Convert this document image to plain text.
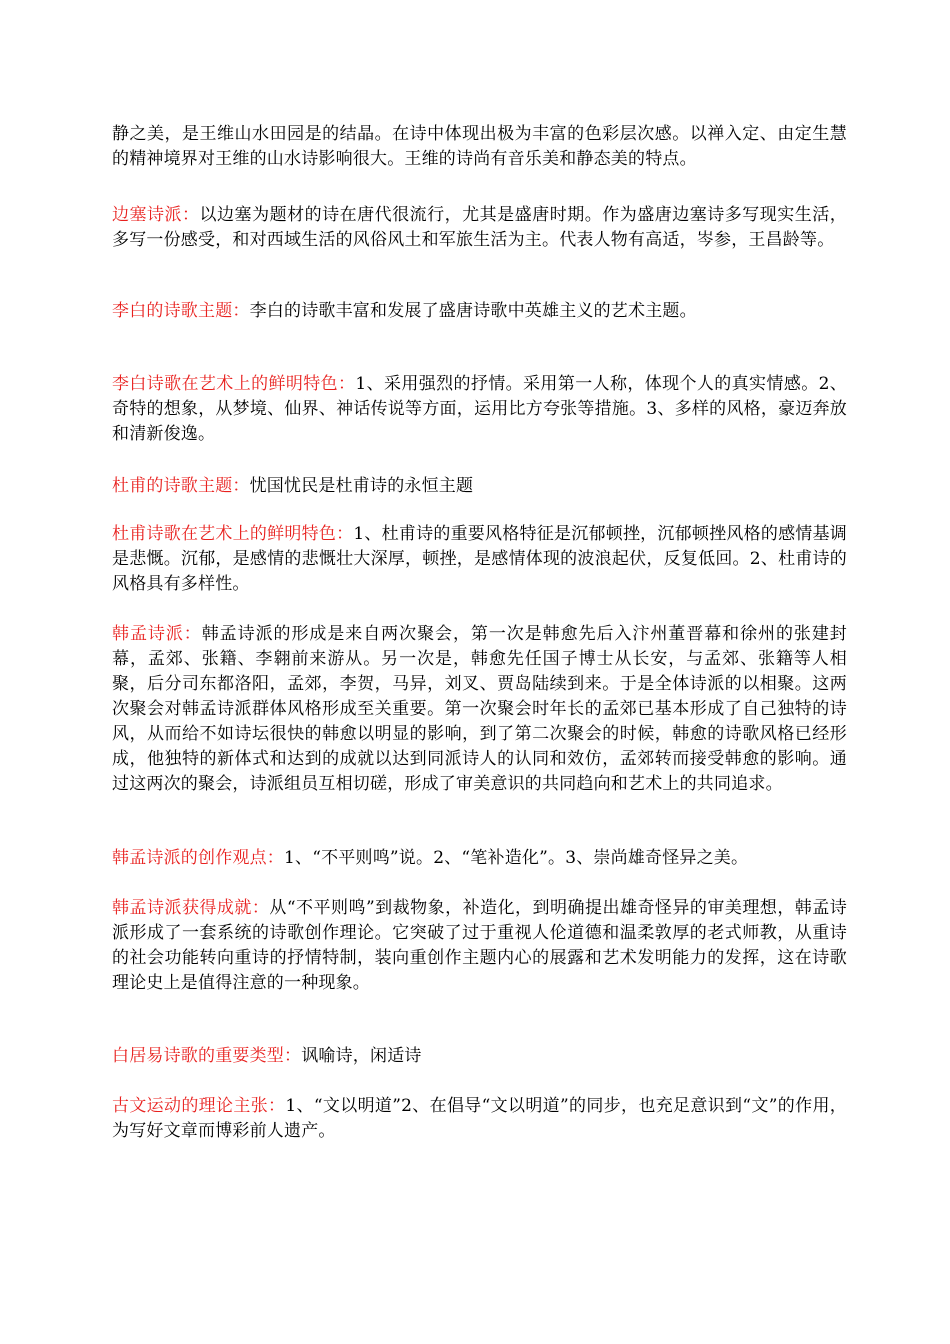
静之美，是王维山水田园是的结晶。在诗中体现出极为丰富的色彩层次感。以禅入定、由定生慧的精神境界对王维的山水诗影响很大。王维的诗尚有音乐美和静态美的特点。

边塞诗派：以边塞为题材的诗在唐代很流行，尤其是盛唐时期。作为盛唐边塞诗多写现实生活，多写一份感受，和对西域生活的风俗风土和军旅生活为主。代表人物有高适，岑参，王昌龄等。

李白的诗歌主题：李白的诗歌丰富和发展了盛唐诗歌中英雄主义的艺术主题。

李白诗歌在艺术上的鲜明特色：1、采用强烈的抒情。采用第一人称，体现个人的真实情感。2、奇特的想象，从梦境、仙界、神话传说等方面，运用比方夸张等措施。3、多样的风格，豪迈奔放和清新俊逸。

杜甫的诗歌主题：忧国忧民是杜甫诗的永恒主题

杜甫诗歌在艺术上的鲜明特色：1、杜甫诗的重要风格特征是沉郁顿挫，沉郁顿挫风格的感情基调是悲慨。沉郁，是感情的悲慨壮大深厚，顿挫，是感情体现的波浪起伏，反复低回。2、杜甫诗的风格具有多样性。

韩孟诗派：韩孟诗派的形成是来自两次聚会，第一次是韩愈先后入汴州董晋幕和徐州的张建封幕，孟郊、张籍、李翱前来游从。另一次是，韩愈先任国子博士从长安，与孟郊、张籍等人相聚，后分司东都洛阳，孟郊，李贺，马异，刘叉、贾岛陆续到来。于是全体诗派的以相聚。这两次聚会对韩孟诗派群体风格形成至关重要。第一次聚会时年长的孟郊已基本形成了自己独特的诗风，从而给不如诗坛很快的韩愈以明显的影响，到了第二次聚会的时候，韩愈的诗歌风格已经形成，他独特的新体式和达到的成就以达到同派诗人的认同和效仿，孟郊转而接受韩愈的影响。通过这两次的聚会，诗派组员互相切磋，形成了审美意识的共同趋向和艺术上的共同追求。

韩孟诗派的创作观点：1、“不平则鸣”说。2、“笔补造化”。3、崇尚雄奇怪异之美。

韩孟诗派获得成就：从“不平则鸣”到裁物象，补造化，到明确提出雄奇怪异的审美理想，韩孟诗派形成了一套系统的诗歌创作理论。它突破了过于重视人伦道德和温柔敦厚的老式师教，从重诗的社会功能转向重诗的抒情特制，装向重创作主题内心的展露和艺术发明能力的发挥，这在诗歌理论史上是值得注意的一种现象。

白居易诗歌的重要类型：讽喻诗，闲适诗

古文运动的理论主张：1、“文以明道”2、在倡导“文以明道”的同步，也充足意识到“文”的作用，为写好文章而博彩前人遗产。
